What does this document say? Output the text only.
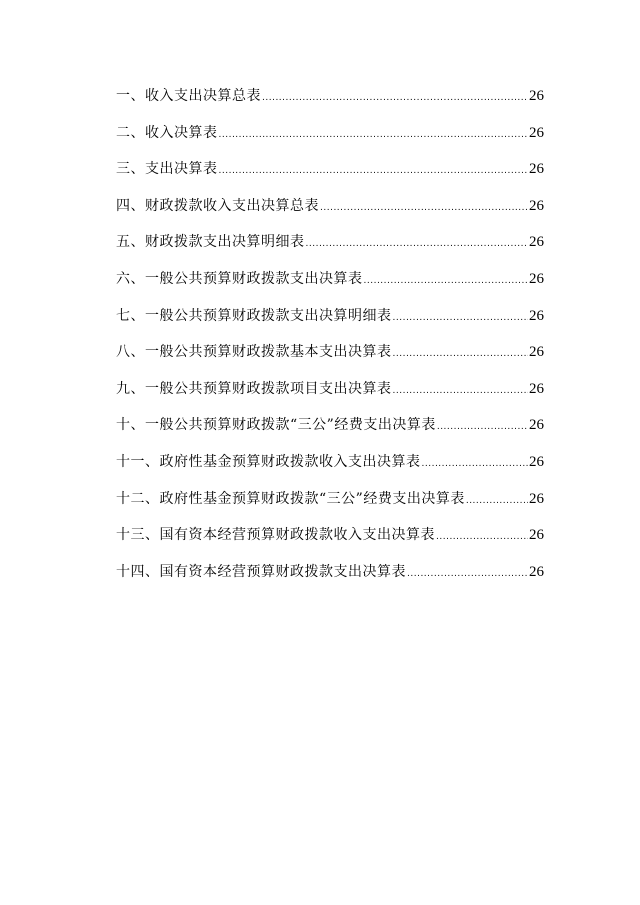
一、收入支出决算总表 .....	26
二、收入决算表 .....	26
三、支出决算表 .....	26
四、财政拨款收入支出决算总表 .....	26
五、财政拨款支出决算明细表 .....	26
六、一般公共预算财政拨款支出决算表 .....	26
七、一般公共预算财政拨款支出决算明细表 .....	26
八、一般公共预算财政拨款基本支出决算表 .....	26
九、一般公共预算财政拨款项目支出决算表 .....	26
十、一般公共预算财政拨款“三公”经费支出决算表 .....	26
十一、政府性基金预算财政拨款收入支出决算表 .....	26
十二、政府性基金预算财政拨款“三公”经费支出决算表 .....	26
十三、国有资本经营预算财政拨款收入支出决算表 .....	26
十四、国有资本经营预算财政拨款支出决算表 .....	26
